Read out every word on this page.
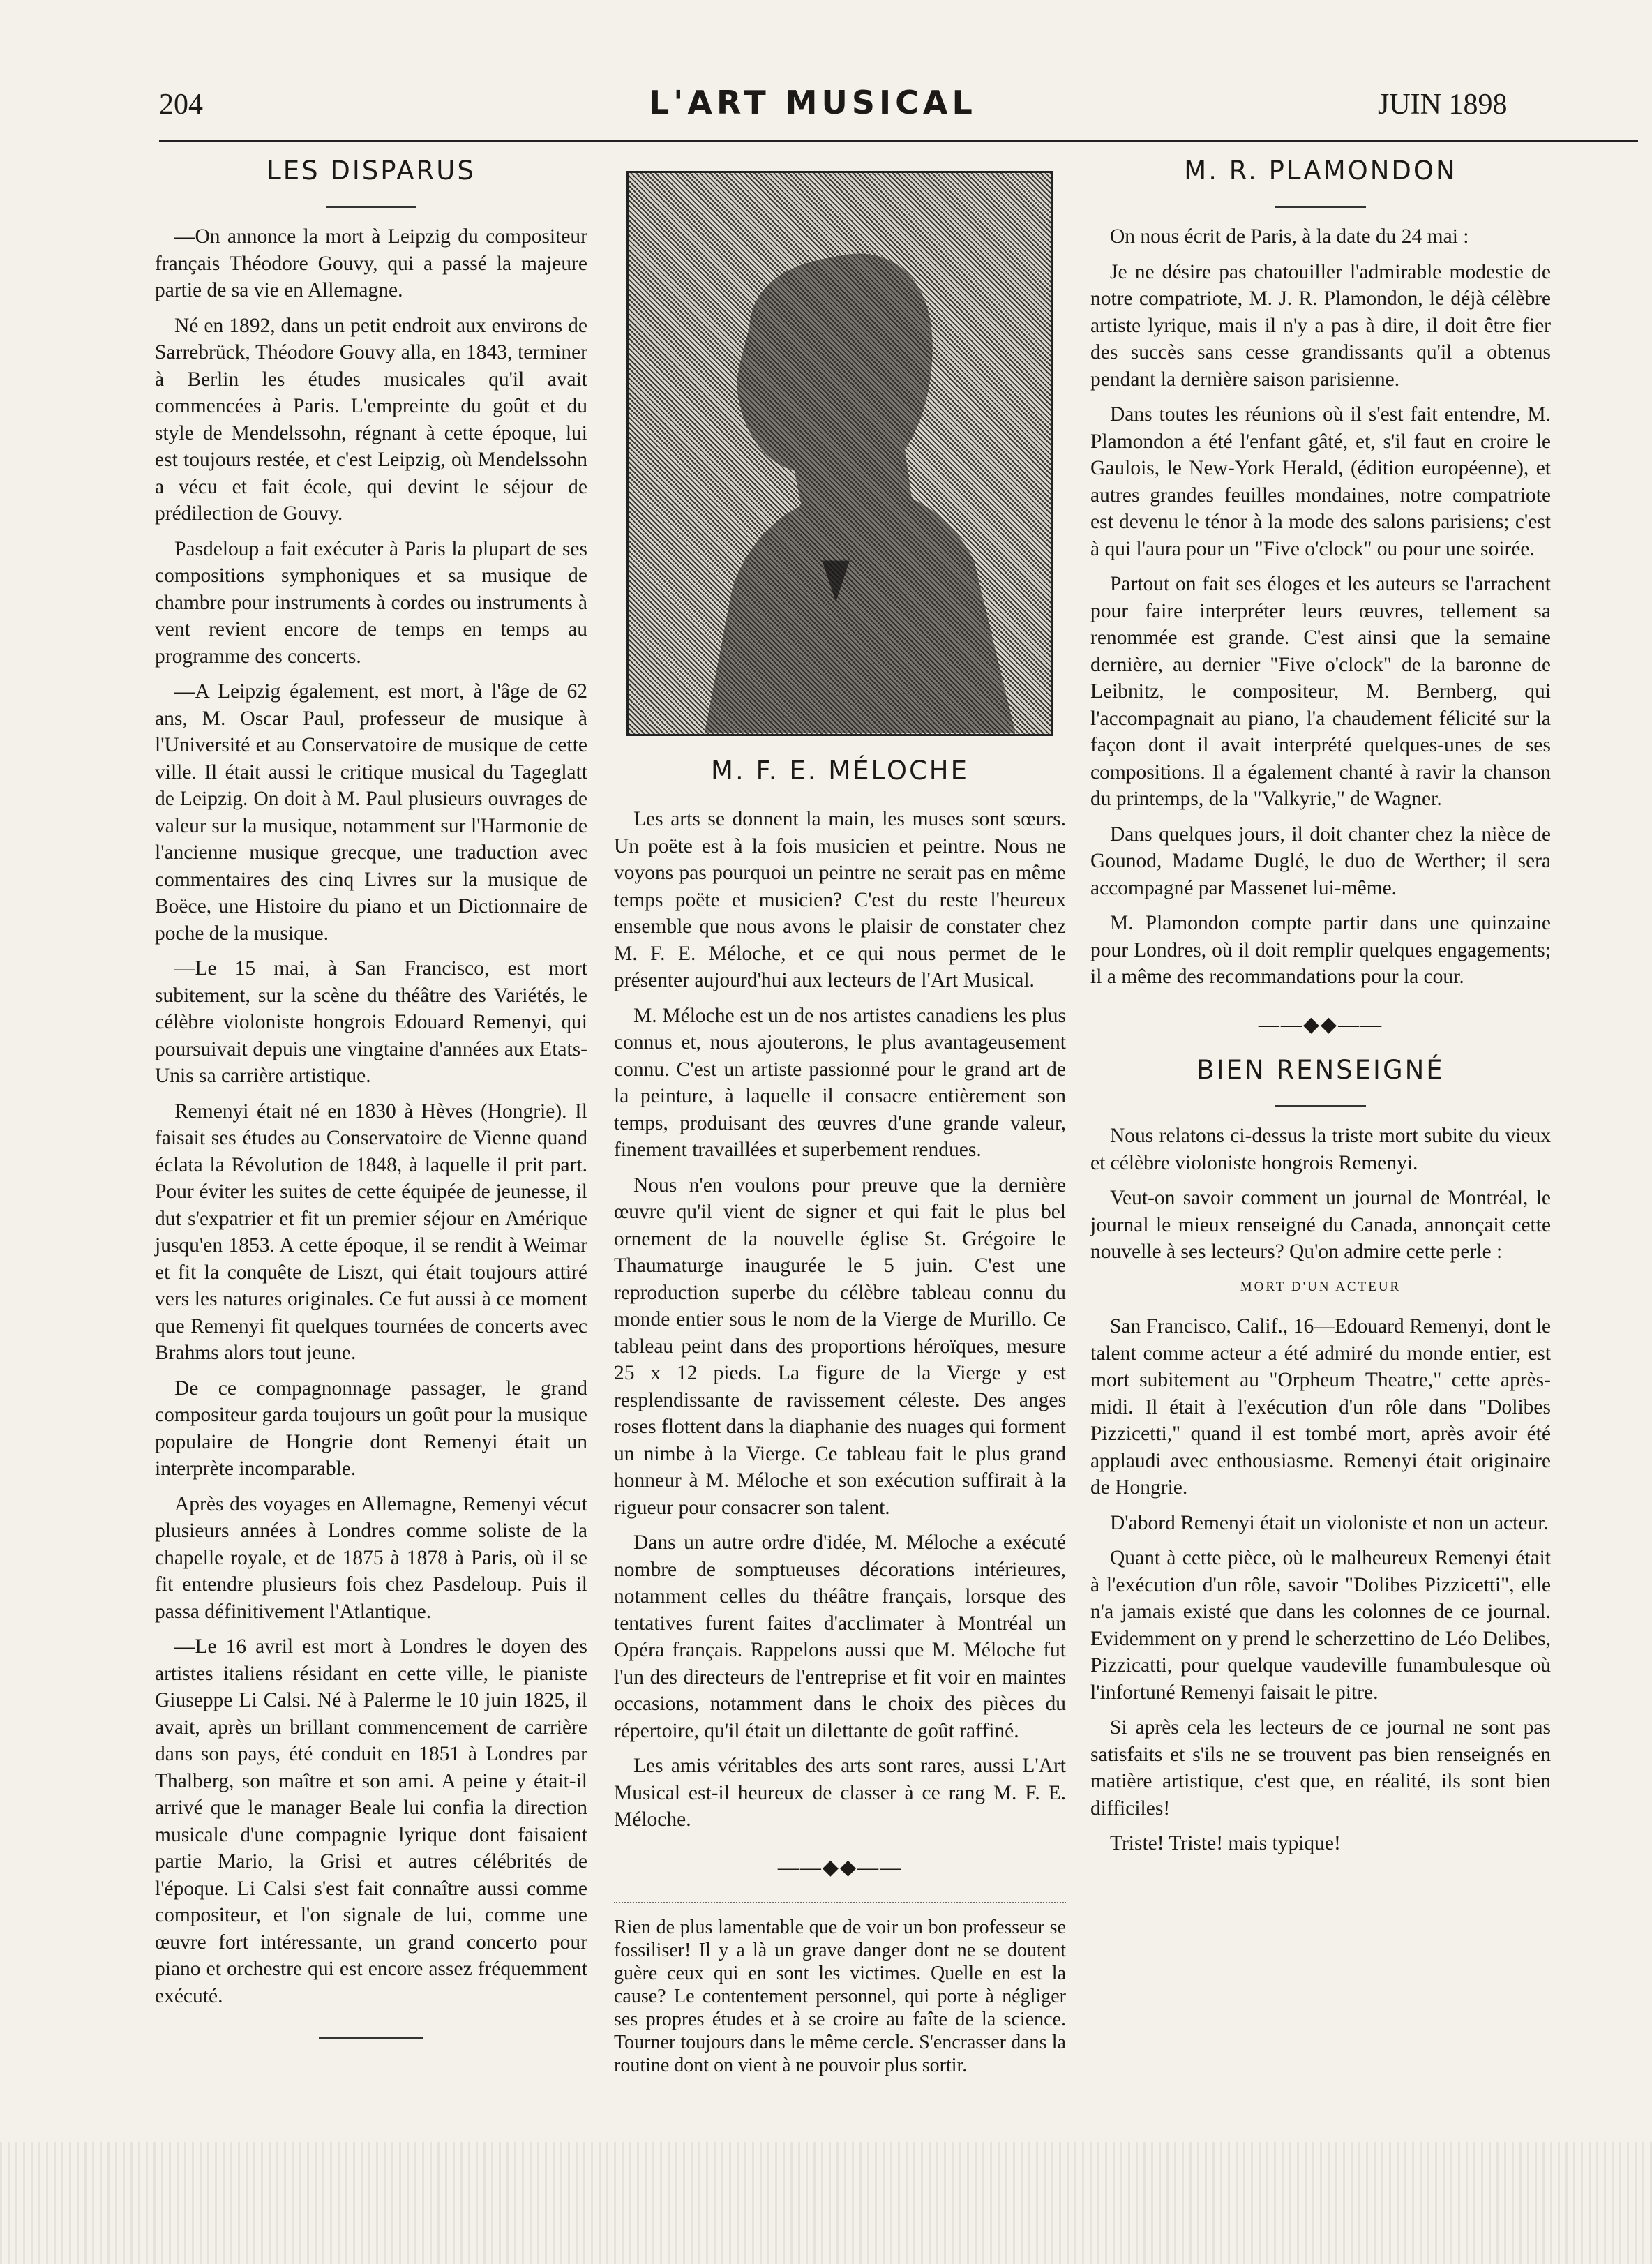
204	L'ART MUSICAL	JUIN 1898
LES DISPARUS

—On annonce la mort à Leipzig du compositeur français Théodore Gouvy, qui a passé la majeure partie de sa vie en Allemagne.

Né en 1892, dans un petit endroit aux environs de Sarrebrück, Théodore Gouvy alla, en 1843, terminer à Berlin les études musicales qu'il avait commencées à Paris. L'empreinte du goût et du style de Mendelssohn, régnant à cette époque, lui est toujours restée, et c'est Leipzig, où Mendelssohn a vécu et fait école, qui devint le séjour de prédilection de Gouvy.

Pasdeloup a fait exécuter à Paris la plupart de ses compositions symphoniques et sa musique de chambre pour instruments à cordes ou instruments à vent revient encore de temps en temps au programme des concerts.

—A Leipzig également, est mort, à l'âge de 62 ans, M. Oscar Paul, professeur de musique à l'Université et au Conservatoire de musique de cette ville. Il était aussi le critique musical du Tageglatt de Leipzig. On doit à M. Paul plusieurs ouvrages de valeur sur la musique, notamment sur l'Harmonie de l'ancienne musique grecque, une traduction avec commentaires des cinq Livres sur la musique de Boëce, une Histoire du piano et un Dictionnaire de poche de la musique.

—Le 15 mai, à San Francisco, est mort subitement, sur la scène du théâtre des Variétés, le célèbre violoniste hongrois Edouard Remenyi, qui poursuivait depuis une vingtaine d'années aux Etats-Unis sa carrière artistique.

Remenyi était né en 1830 à Hèves (Hongrie). Il faisait ses études au Conservatoire de Vienne quand éclata la Révolution de 1848, à laquelle il prit part. Pour éviter les suites de cette équipée de jeunesse, il dut s'expatrier et fit un premier séjour en Amérique jusqu'en 1853. A cette époque, il se rendit à Weimar et fit la conquête de Liszt, qui était toujours attiré vers les natures originales. Ce fut aussi à ce moment que Remenyi fit quelques tournées de concerts avec Brahms alors tout jeune.

De ce compagnonnage passager, le grand compositeur garda toujours un goût pour la musique populaire de Hongrie dont Remenyi était un interprète incomparable.

Après des voyages en Allemagne, Remenyi vécut plusieurs années à Londres comme soliste de la chapelle royale, et de 1875 à 1878 à Paris, où il se fit entendre plusieurs fois chez Pasdeloup. Puis il passa définitivement l'Atlantique.

—Le 16 avril est mort à Londres le doyen des artistes italiens résidant en cette ville, le pianiste Giuseppe Li Calsi. Né à Palerme le 10 juin 1825, il avait, après un brillant commencement de carrière dans son pays, été conduit en 1851 à Londres par Thalberg, son maître et son ami. A peine y était-il arrivé que le manager Beale lui confia la direction musicale d'une compagnie lyrique dont faisaient partie Mario, la Grisi et autres célébrités de l'époque. Li Calsi s'est fait connaître aussi comme compositeur, et l'on signale de lui, comme une œuvre fort intéressante, un grand concerto pour piano et orchestre qui est encore assez fréquemment exécuté.

M. F. E. MÉLOCHE

Les arts se donnent la main, les muses sont sœurs. Un poëte est à la fois musicien et peintre. Nous ne voyons pas pourquoi un peintre ne serait pas en même temps poëte et musicien? C'est du reste l'heureux ensemble que nous avons le plaisir de constater chez M. F. E. Méloche, et ce qui nous permet de le présenter aujourd'hui aux lecteurs de l'Art Musical.

M. Méloche est un de nos artistes canadiens les plus connus et, nous ajouterons, le plus avantageusement connu. C'est un artiste passionné pour le grand art de la peinture, à laquelle il consacre entièrement son temps, produisant des œuvres d'une grande valeur, finement travaillées et superbement rendues.

Nous n'en voulons pour preuve que la dernière œuvre qu'il vient de signer et qui fait le plus bel ornement de la nouvelle église St. Grégoire le Thaumaturge inaugurée le 5 juin. C'est une reproduction superbe du célèbre tableau connu du monde entier sous le nom de la Vierge de Murillo. Ce tableau peint dans des proportions héroïques, mesure 25 x 12 pieds. La figure de la Vierge y est resplendissante de ravissement céleste. Des anges roses flottent dans la diaphanie des nuages qui forment un nimbe à la Vierge. Ce tableau fait le plus grand honneur à M. Méloche et son exécution suffirait à la rigueur pour consacrer son talent.

Dans un autre ordre d'idée, M. Méloche a exécuté nombre de somptueuses décorations intérieures, notamment celles du théâtre français, lorsque des tentatives furent faites d'acclimater à Montréal un Opéra français. Rappelons aussi que M. Méloche fut l'un des directeurs de l'entreprise et fit voir en maintes occasions, notamment dans le choix des pièces du répertoire, qu'il était un dilettante de goût raffiné.

Les amis véritables des arts sont rares, aussi L'Art Musical est-il heureux de classer à ce rang M. F. E. Méloche.

——◆◆——

Rien de plus lamentable que de voir un bon professeur se fossiliser! Il y a là un grave danger dont ne se doutent guère ceux qui en sont les victimes. Quelle en est la cause? Le contentement personnel, qui porte à négliger ses propres études et à se croire au faîte de la science. Tourner toujours dans le même cercle. S'encrasser dans la routine dont on vient à ne pouvoir plus sortir.

M. R. PLAMONDON

On nous écrit de Paris, à la date du 24 mai :

Je ne désire pas chatouiller l'admirable modestie de notre compatriote, M. J. R. Plamondon, le déjà célèbre artiste lyrique, mais il n'y a pas à dire, il doit être fier des succès sans cesse grandissants qu'il a obtenus pendant la dernière saison parisienne.

Dans toutes les réunions où il s'est fait entendre, M. Plamondon a été l'enfant gâté, et, s'il faut en croire le Gaulois, le New-York Herald, (édition européenne), et autres grandes feuilles mondaines, notre compatriote est devenu le ténor à la mode des salons parisiens; c'est à qui l'aura pour un "Five o'clock" ou pour une soirée.

Partout on fait ses éloges et les auteurs se l'arrachent pour faire interpréter leurs œuvres, tellement sa renommée est grande. C'est ainsi que la semaine dernière, au dernier "Five o'clock" de la baronne de Leibnitz, le compositeur, M. Bernberg, qui l'accompagnait au piano, l'a chaudement félicité sur la façon dont il avait interprété quelques-unes de ses compositions. Il a également chanté à ravir la chanson du printemps, de la "Valkyrie," de Wagner.

Dans quelques jours, il doit chanter chez la nièce de Gounod, Madame Duglé, le duo de Werther; il sera accompagné par Massenet lui-même.

M. Plamondon compte partir dans une quinzaine pour Londres, où il doit remplir quelques engagements; il a même des recommandations pour la cour.

——◆◆——
BIEN RENSEIGNÉ

Nous relatons ci-dessus la triste mort subite du vieux et célèbre violoniste hongrois Remenyi.

Veut-on savoir comment un journal de Montréal, le journal le mieux renseigné du Canada, annonçait cette nouvelle à ses lecteurs? Qu'on admire cette perle :

MORT D'UN ACTEUR

San Francisco, Calif., 16—Edouard Remenyi, dont le talent comme acteur a été admiré du monde entier, est mort subitement au "Orpheum Theatre," cette après-midi. Il était à l'exécution d'un rôle dans "Dolibes Pizzicetti," quand il est tombé mort, après avoir été applaudi avec enthousiasme. Remenyi était originaire de Hongrie.

D'abord Remenyi était un violoniste et non un acteur.

Quant à cette pièce, où le malheureux Remenyi était à l'exécution d'un rôle, savoir "Dolibes Pizzicetti", elle n'a jamais existé que dans les colonnes de ce journal. Evidemment on y prend le scherzettino de Léo Delibes, Pizzicatti, pour quelque vaudeville funambulesque où l'infortuné Remenyi faisait le pitre.

Si après cela les lecteurs de ce journal ne sont pas satisfaits et s'ils ne se trouvent pas bien renseignés en matière artistique, c'est que, en réalité, ils sont bien difficiles!

Triste! Triste! mais typique!
